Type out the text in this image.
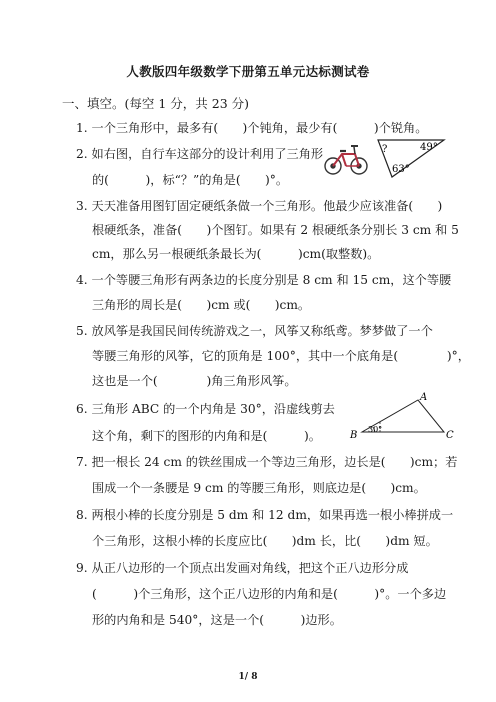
人教版四年级数学下册第五单元达标测试卷
一、填空。(每空 1 分，共 23 分)
1. 一个三角形中，最多有(　　)个钝角，最少有(　　　)个锐角。
2. 如右图，自行车这部分的设计利用了三角形
的(　　　)，标“？”的角是(　　)°。
?	49°
63°
3. 天天准备用图钉固定硬纸条做一个三角形。他最少应该准备(　　)
根硬纸条，准备(　　)个图钉。如果有 2 根硬纸条分别长 3 cm 和 5
cm，那么另一根硬纸条最长为(　　　)cm(取整数)。
4. 一个等腰三角形有两条边的长度分别是 8 cm 和 15 cm，这个等腰
三角形的周长是(　　)cm 或(　　)cm。
5. 放风筝是我国民间传统游戏之一，风筝又称纸鸢。梦梦做了一个
等腰三角形的风筝，它的顶角是 100°，其中一个底角是(　　　　)°，
这也是一个(　　　　)角三角形风筝。
6. 三角形 ABC 的一个内角是 30°，沿虚线剪去
这个角，剩下的图形的内角和是(　　　)。
A
B	C
30°
7. 把一根长 24 cm 的铁丝围成一个等边三角形，边长是(　　)cm；若
围成一个一条腰是 9 cm 的等腰三角形，则底边是(　　)cm。
8. 两根小棒的长度分别是 5 dm 和 12 dm，如果再选一根小棒拼成一
个三角形，这根小棒的长度应比(　　)dm 长，比(　　)dm 短。
9. 从正八边形的一个顶点出发画对角线，把这个正八边形分成
(　　　)个三角形，这个正八边形的内角和是(　　　)°。一个多边
形的内角和是 540°，这是一个(　　　)边形。
1/ 8
